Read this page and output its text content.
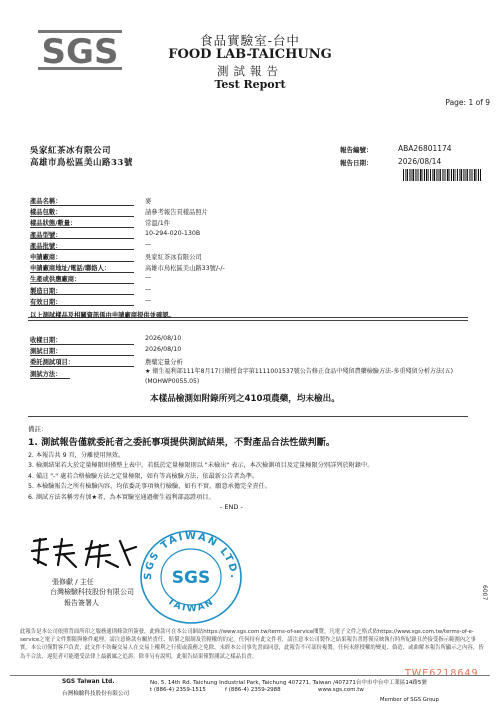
SGS	食品實驗室-台中
FOOD LAB-TAICHUNG
測試報告
Test Report
Page: 1 of 9
吳家紅茶冰有限公司
高雄市鳥松區美山路33號
報告編號：	ABA26801174
報告日期：	2026/08/14
產品名稱：	麥
樣品包數：	請參考報告頁樣品照片
樣品狀態/數量：	常溫/1件
產品型號：	10-294-020-130B
產品批號：	—
申請廠商：	吳家紅茶冰有限公司
申請廠商地址/電話/聯絡人：	高雄市鳥松區美山路33號/-/-
生產或供應廠商：	—
製造日期：	—
有效日期：	—
以上測試樣品及相關資訊係由申請廠商提供並確認。
收樣日期：	2026/08/10
測試日期：	2026/08/10
委託測試項目：	農藥定量分析
測試方法：	★ 衛生福利部111年8月17日衛授食字第1111001537號公告修正食品中殘留農藥檢驗方法-多重殘留分析方法(五)(MOHWP0055.05)
本樣品檢測如附錄所列之410項農藥，均未檢出。
備註：
1. 測試報告僅就委託者之委託事項提供測試結果，不對產品合法性做判斷。
2. 本報告共 9 頁，分離使用無效。
3. 檢測結果若大於定量極限則僅整上表中，若低於定量極限則以 "未檢出" 表示，本次檢測項目及定量極限分別詳列於附錄中。
4. 備註 "-" 處若合格檢驗方法之定量極限，如有等高檢驗方法，依最新公告者為準。
5. 本檢驗報告之所有檢驗內容，均依委託事項執行檢驗，如有不實，願意承擔完全責任。
6. 測試方法名稱旁有加★者，為本實驗室通過衛生福利部認證項目。
- END -
張修獻 / 主任
台灣檢驗科技股份有限公司
報告簽署人
SGS TAIWAN LTD.
TAIWAN
SGS
此報告是本公司依照背面所印之服務通則條款所簽發，此條款可在本公司網站https://www.sgs.com.tw/terms-of-service閱覽，凡電子文件之格式依https://www.sgs.com.tw/terms-of-e-service之電子文件期限與條件處理。請注意條款有關於責任、賠償之限制及管轄權的約定。任何持有此文件者，請注意本公司製作之結果報告書將僅反映執行時所紀錄且於接受指示範圍內之事實。本公司僅對客戶負責，此文件不妨礙交易人在交易上權利之行使或義務之免除。未經本公司事先書面同意，此報告不可部份複製。任何未經授權的變更、偽造、或曲解本報告所顯示之內容，皆為不合法，違犯者可能遭受法律上最嚴厲之追訴。除非另有說明，此報告結果僅對測試之樣品負責。
TWE6218649
SGS Taiwan Ltd.
台灣檢驗科技股份有限公司
No. 5, 14th Rd. Taichung Industrial Park, Taichung 407271, Taiwan /407271台中市中台中工業區14路5號
t (886-4) 2359-1515	f (886-4) 2359-2988	www.sgs.com.tw
Member of SGS Group
6007
